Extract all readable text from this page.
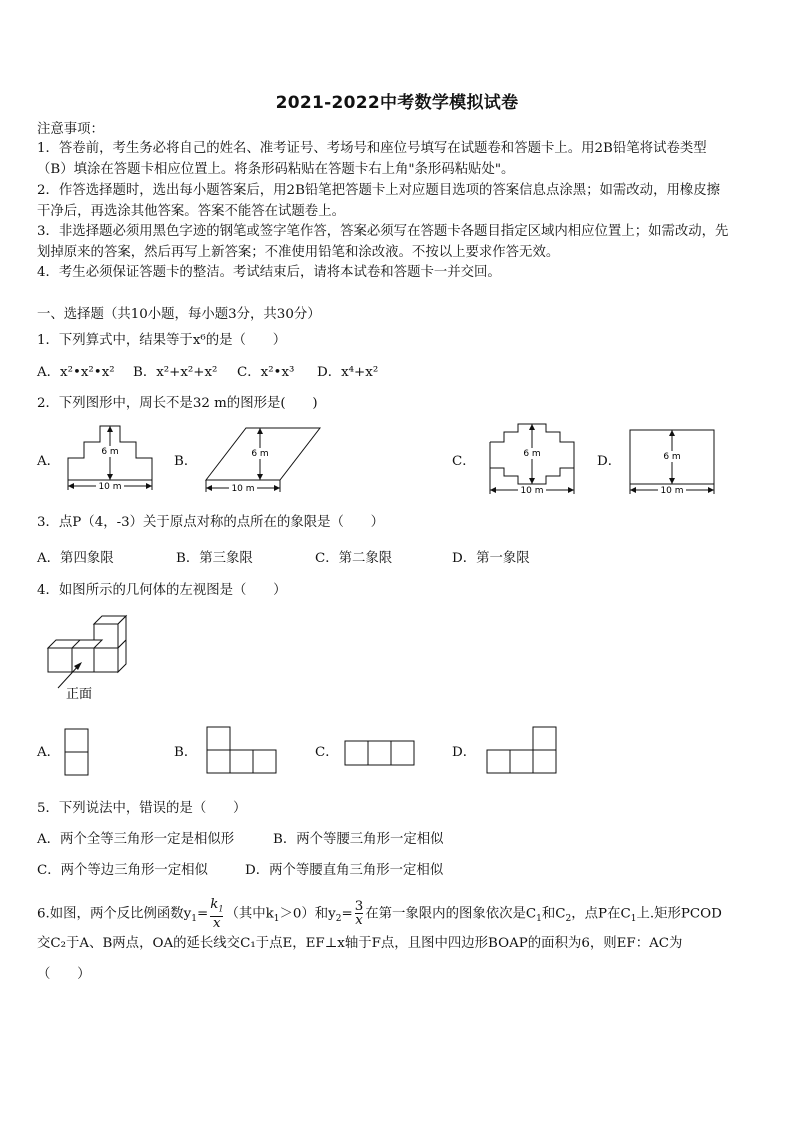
2021-2022中考数学模拟试卷
注意事项：
1．答卷前，考生务必将自己的姓名、准考证号、考场号和座位号填写在试题卷和答题卡上。用2B铅笔将试卷类型
（B）填涂在答题卡相应位置上。将条形码粘贴在答题卡右上角"条形码粘贴处"。
2．作答选择题时，选出每小题答案后，用2B铅笔把答题卡上对应题目选项的答案信息点涂黑；如需改动，用橡皮擦
干净后，再选涂其他答案。答案不能答在试题卷上。
3．非选择题必须用黑色字迹的钢笔或签字笔作答，答案必须写在答题卡各题目指定区域内相应位置上；如需改动，先
划掉原来的答案，然后再写上新答案；不准使用铅笔和涂改液。不按以上要求作答无效。
4．考生必须保证答题卡的整洁。考试结束后，请将本试卷和答题卡一并交回。
一、选择题（共10小题，每小题3分，共30分）
1．下列算式中，结果等于x⁶的是（　　）
A．x²•x²•x² B．x²+x²+x² C．x²•x³ D．x⁴+x²
2．下列图形中，周长不是32 m的图形是(　　)
A．	B．	C．	D．
6 m
10 m
6 m
10 m
6 m
10 m
6 m
10 m
3．点P（4，-3）关于原点对称的点所在的象限是（　　）
A．第四象限	B．第三象限	C．第二象限	D．第一象限
4．如图所示的几何体的左视图是（　　）
正面
A．	B．	C．	D．
5．下列说法中，错误的是（　　）
A．两个全等三角形一定是相似形	B．两个等腰三角形一定相似
C．两个等边三角形一定相似	D．两个等腰直角三角形一定相似
6.如图，两个反比例函数$y_1= \frac{k_1}{x}$ （其中$k_1>0$）和$y_2= \frac{3}{x}$ 在第一象限内的图象依次是$C_1$和$C_2$，点P在$C_1$上.矩形PCOD
交C₂于A、B两点，OA的延长线交C₁于点E，EF⊥x轴于F点，且图中四边形BOAP的面积为6，则EF：AC为
（　　）
